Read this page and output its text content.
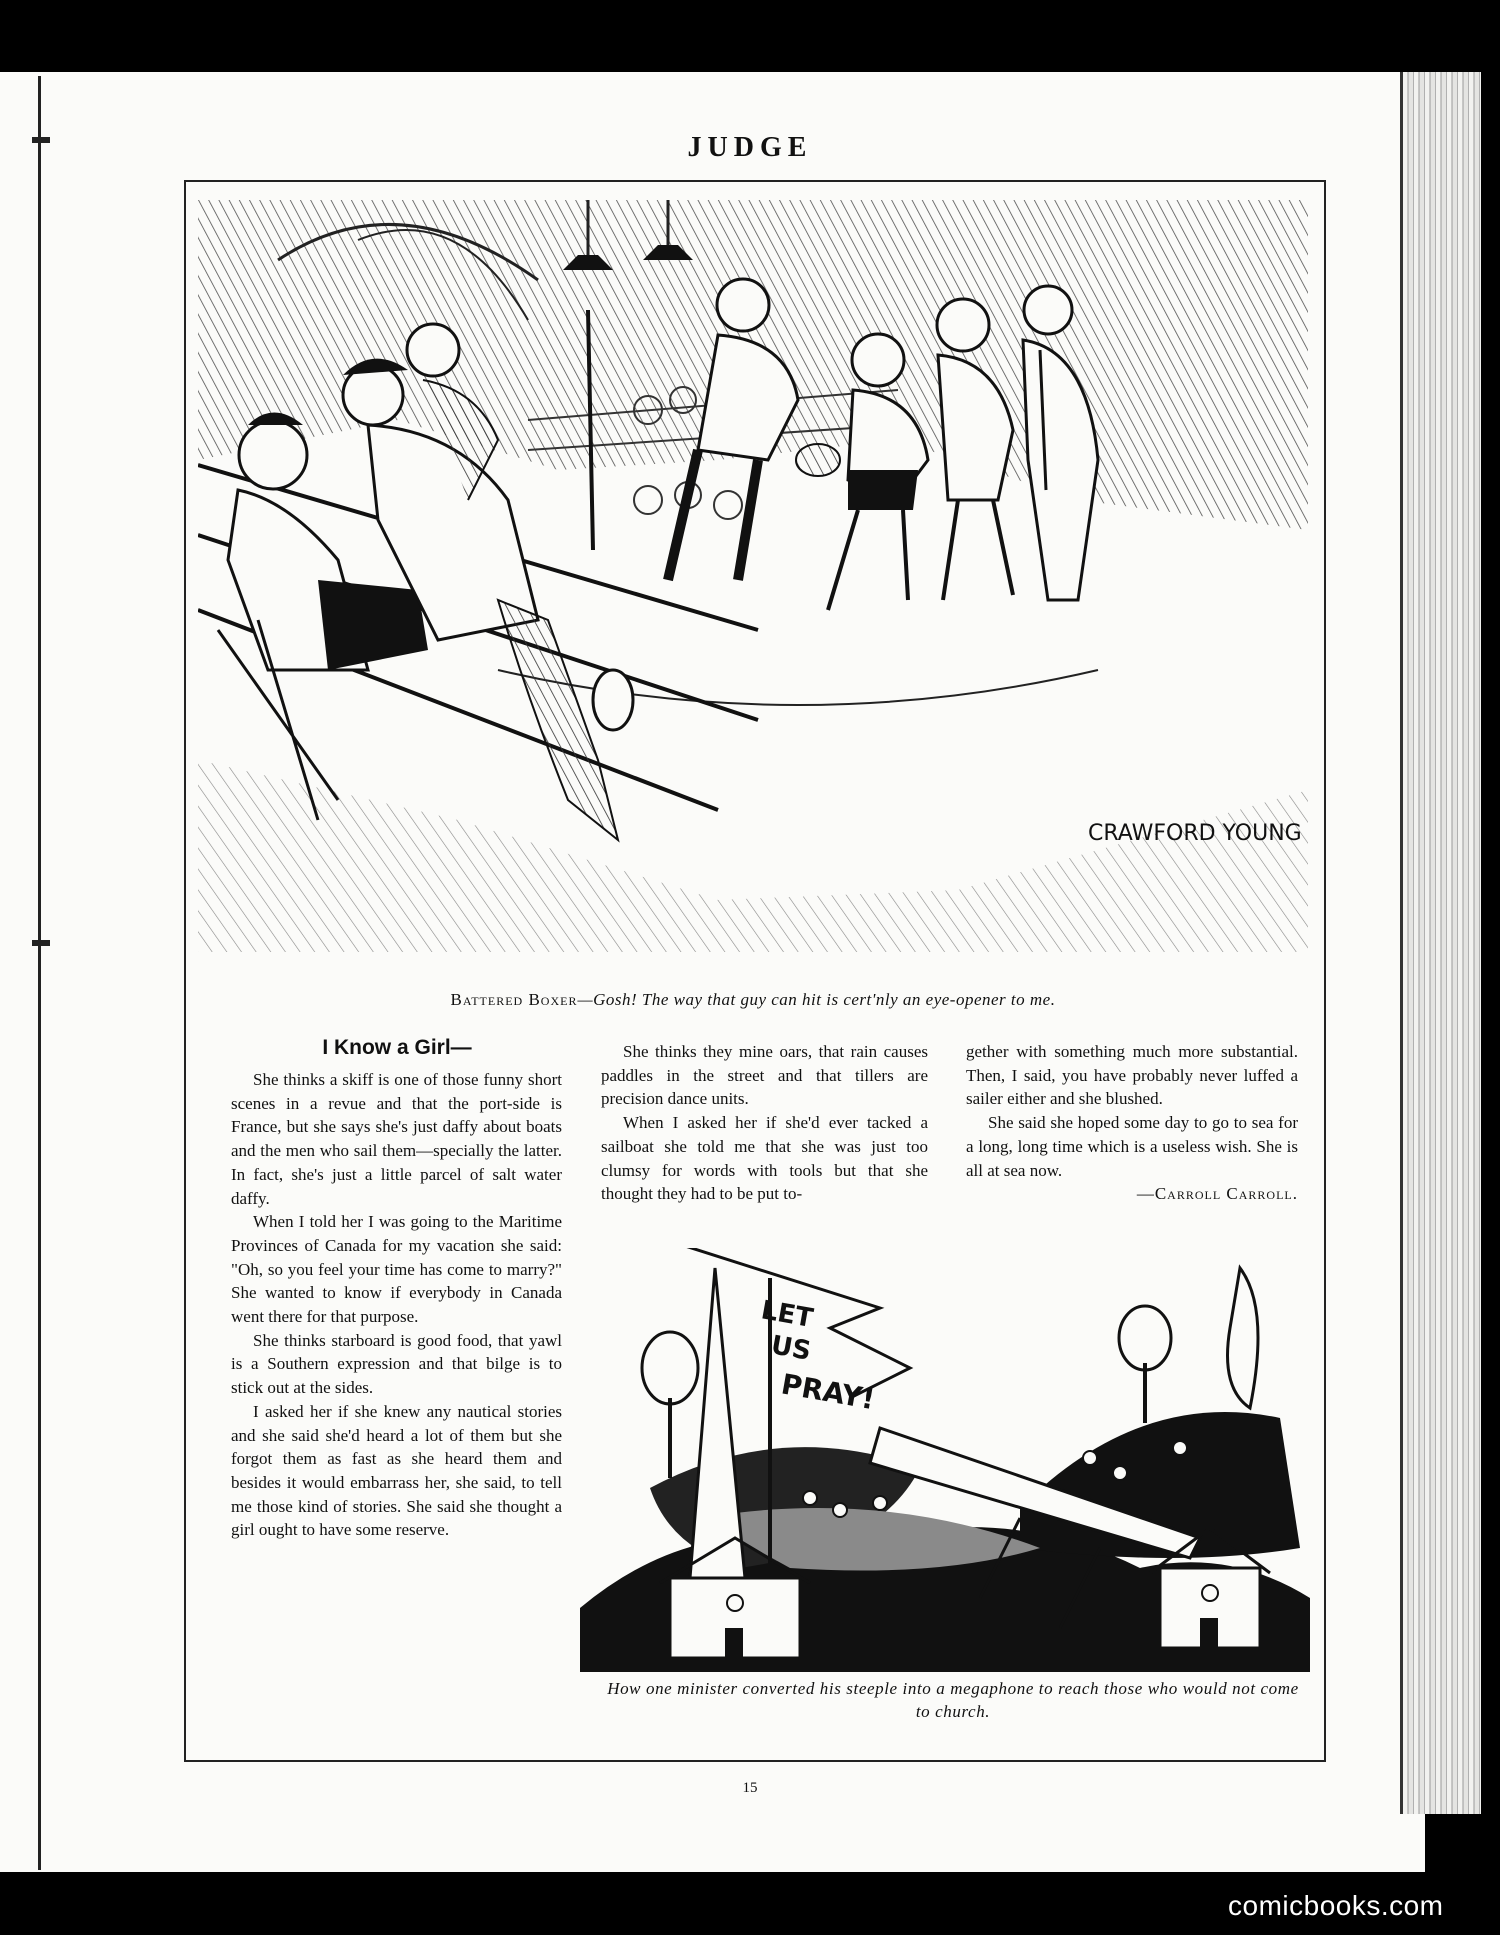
JUDGE
CRAWFORD YOUNG
Battered Boxer—Gosh! The way that guy can hit is cert'nly an eye-opener to me.
I Know a Girl—

She thinks a skiff is one of those funny short scenes in a revue and that the port-side is France, but she says she's just daffy about boats and the men who sail them—specially the latter. In fact, she's just a little parcel of salt water daffy.

When I told her I was going to the Maritime Provinces of Canada for my vacation she said: "Oh, so you feel your time has come to marry?" She wanted to know if everybody in Canada went there for that purpose.

She thinks starboard is good food, that yawl is a Southern expression and that bilge is to stick out at the sides.

I asked her if she knew any nautical stories and she said she'd heard a lot of them but she forgot them as fast as she heard them and besides it would embarrass her, she said, to tell me those kind of stories. She said she thought a girl ought to have some reserve.

She thinks they mine oars, that rain causes paddles in the street and that tillers are precision dance units.

When I asked her if she'd ever tacked a sailboat she told me that she was just too clumsy for words with tools but that she thought they had to be put to-

gether with something much more substantial. Then, I said, you have probably never luffed a sailer either and she blushed.

She said she hoped some day to go to sea for a long, long time which is a useless wish. She is all at sea now.

—Carroll Carroll.

LET
US
PRAY!
How one minister converted his steeple into a megaphone to reach those who would not come to church.
15
comicbooks.com
